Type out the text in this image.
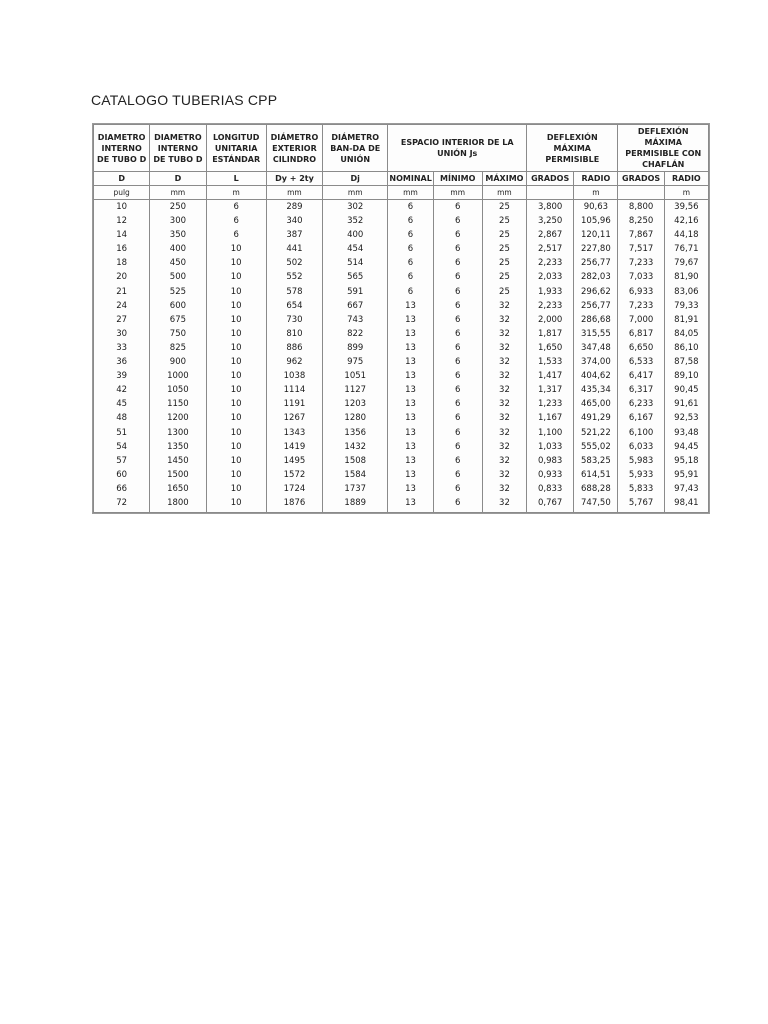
CATALOGO TUBERIAS CPP
DIAMETRO INTERNO DE TUBO D	DIAMETRO INTERNO DE TUBO D	LONGITUD UNITARIA ESTÁNDAR	DIÁMETRO EXTERIOR CILINDRO	DIÁMETRO BAN-DA DE UNIÓN	ESPACIO INTERIOR DE LA UNIÓN Js			DEFLEXIÓN MÁXIMA PERMISIBLE		DEFLEXIÓN MÁXIMA PERMISIBLE CON CHAFLÁN	
D	D	L	Dy + 2ty	Dj	NOMINAL	MÍNIMO	MÁXIMO	GRADOS	RADIO	GRADOS	RADIO
pulg	mm	m	mm	mm	mm	mm	mm		m		m
10	250	6	289	302	6	6	25	3,800	90,63	8,800	39,56
12	300	6	340	352	6	6	25	3,250	105,96	8,250	42,16
14	350	6	387	400	6	6	25	2,867	120,11	7,867	44,18
16	400	10	441	454	6	6	25	2,517	227,80	7,517	76,71
18	450	10	502	514	6	6	25	2,233	256,77	7,233	79,67
20	500	10	552	565	6	6	25	2,033	282,03	7,033	81,90
21	525	10	578	591	6	6	25	1,933	296,62	6,933	83,06
24	600	10	654	667	13	6	32	2,233	256,77	7,233	79,33
27	675	10	730	743	13	6	32	2,000	286,68	7,000	81,91
30	750	10	810	822	13	6	32	1,817	315,55	6,817	84,05
33	825	10	886	899	13	6	32	1,650	347,48	6,650	86,10
36	900	10	962	975	13	6	32	1,533	374,00	6,533	87,58
39	1000	10	1038	1051	13	6	32	1,417	404,62	6,417	89,10
42	1050	10	1114	1127	13	6	32	1,317	435,34	6,317	90,45
45	1150	10	1191	1203	13	6	32	1,233	465,00	6,233	91,61
48	1200	10	1267	1280	13	6	32	1,167	491,29	6,167	92,53
51	1300	10	1343	1356	13	6	32	1,100	521,22	6,100	93,48
54	1350	10	1419	1432	13	6	32	1,033	555,02	6,033	94,45
57	1450	10	1495	1508	13	6	32	0,983	583,25	5,983	95,18
60	1500	10	1572	1584	13	6	32	0,933	614,51	5,933	95,91
66	1650	10	1724	1737	13	6	32	0,833	688,28	5,833	97,43
72	1800	10	1876	1889	13	6	32	0,767	747,50	5,767	98,41
